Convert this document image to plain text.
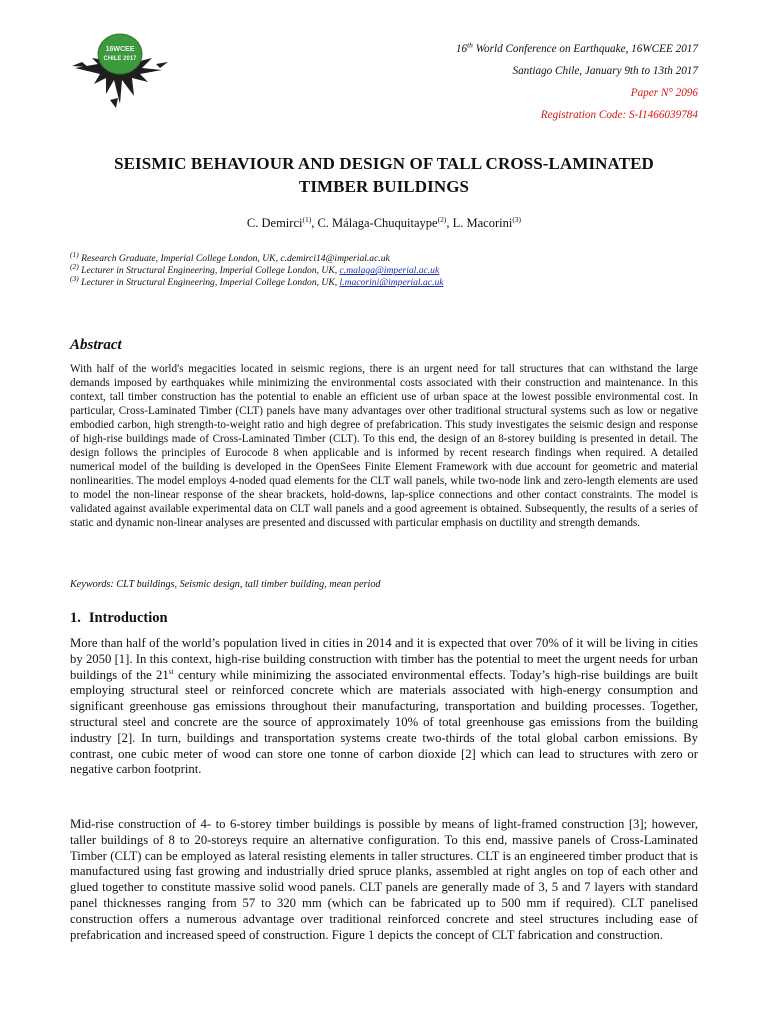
16WCEE
CHILE 2017
16th World Conference on Earthquake, 16WCEE 2017
Santiago Chile, January 9th to 13th 2017
Paper N° 2096
Registration Code: S-I1466039784
SEISMIC BEHAVIOUR AND DESIGN OF TALL CROSS-LAMINATED
TIMBER BUILDINGS
C. Demirci$^{(1)}$, C. Málaga-Chuquitaype$^{(2)}$, L. Macorini$^{(3)}$
$^{(1)}$ Research Graduate, Imperial College London, UK, c.demirci14@imperial.ac.uk
$^{(2)}$ Lecturer in Structural Engineering, Imperial College London, UK, c.malaga@imperial.ac.uk
$^{(3)}$ Lecturer in Structural Engineering, Imperial College London, UK, l.macorini@imperial.ac.uk
Abstract

With half of the world's megacities located in seismic regions, there is an urgent need for tall structures that can withstand the large demands imposed by earthquakes while minimizing the environmental costs associated with their construction and maintenance. In this context, tall timber construction has the potential to enable an efficient use of urban space at the lowest possible environmental cost. In particular, Cross-Laminated Timber (CLT) panels have many advantages over other traditional structural systems such as low or negative embodied carbon, high strength-to-weight ratio and high degree of prefabrication. This study investigates the seismic design and response of high-rise buildings made of Cross-Laminated Timber (CLT). To this end, the design of an 8-storey building is presented in detail. The design follows the principles of Eurocode 8 when applicable and is informed by recent research findings when required. A detailed numerical model of the building is developed in the OpenSees Finite Element Framework with due account for geometric and material nonlinearities. The model employs 4-noded quad elements for the CLT wall panels, while two-node link and zero-length elements are used to model the non-linear response of the shear brackets, hold-downs, lap-splice connections and other contact constraints. The model is validated against available experimental data on CLT wall panels and a good agreement is obtained. Subsequently, the results of a series of static and dynamic non-linear analyses are presented and discussed with particular emphasis on ductility and strength demands.

Keywords: CLT buildings, Seismic design, tall timber building, mean period
1. Introduction

More than half of the world’s population lived in cities in 2014 and it is expected that over 70% of it will be living in cities by 2050 [1]. In this context, high-rise building construction with timber has the potential to meet the urgent needs for urban buildings of the 21st century while minimizing the associated environmental effects. Today’s high-rise buildings are built employing structural steel or reinforced concrete which are materials associated with high-energy consumption and significant greenhouse gas emissions throughout their manufacturing, transportation and building processes. Together, structural steel and concrete are the source of approximately 10% of total greenhouse gas emissions from the building industry [2]. In turn, buildings and transportation systems create two-thirds of the total global carbon emissions. By contrast, one cubic meter of wood can store one tonne of carbon dioxide [2] which can lead to structures with zero or negative carbon footprint.

Mid-rise construction of 4- to 6-storey timber buildings is possible by means of light-framed construction [3]; however, taller buildings of 8 to 20-storeys require an alternative configuration. To this end, massive panels of Cross-Laminated Timber (CLT) can be employed as lateral resisting elements in taller structures. CLT is an engineered timber product that is manufactured using fast growing and industrially dried spruce planks, assembled at right angles on top of each other and glued together to constitute massive solid wood panels. CLT panels are generally made of 3, 5 and 7 layers with standard panel thicknesses ranging from 57 to 320 mm (which can be fabricated up to 500 mm if required). CLT panelised construction offers a numerous advantage over traditional reinforced concrete and steel structures including ease of prefabrication and increased speed of construction. Figure 1 depicts the concept of CLT fabrication and construction.
